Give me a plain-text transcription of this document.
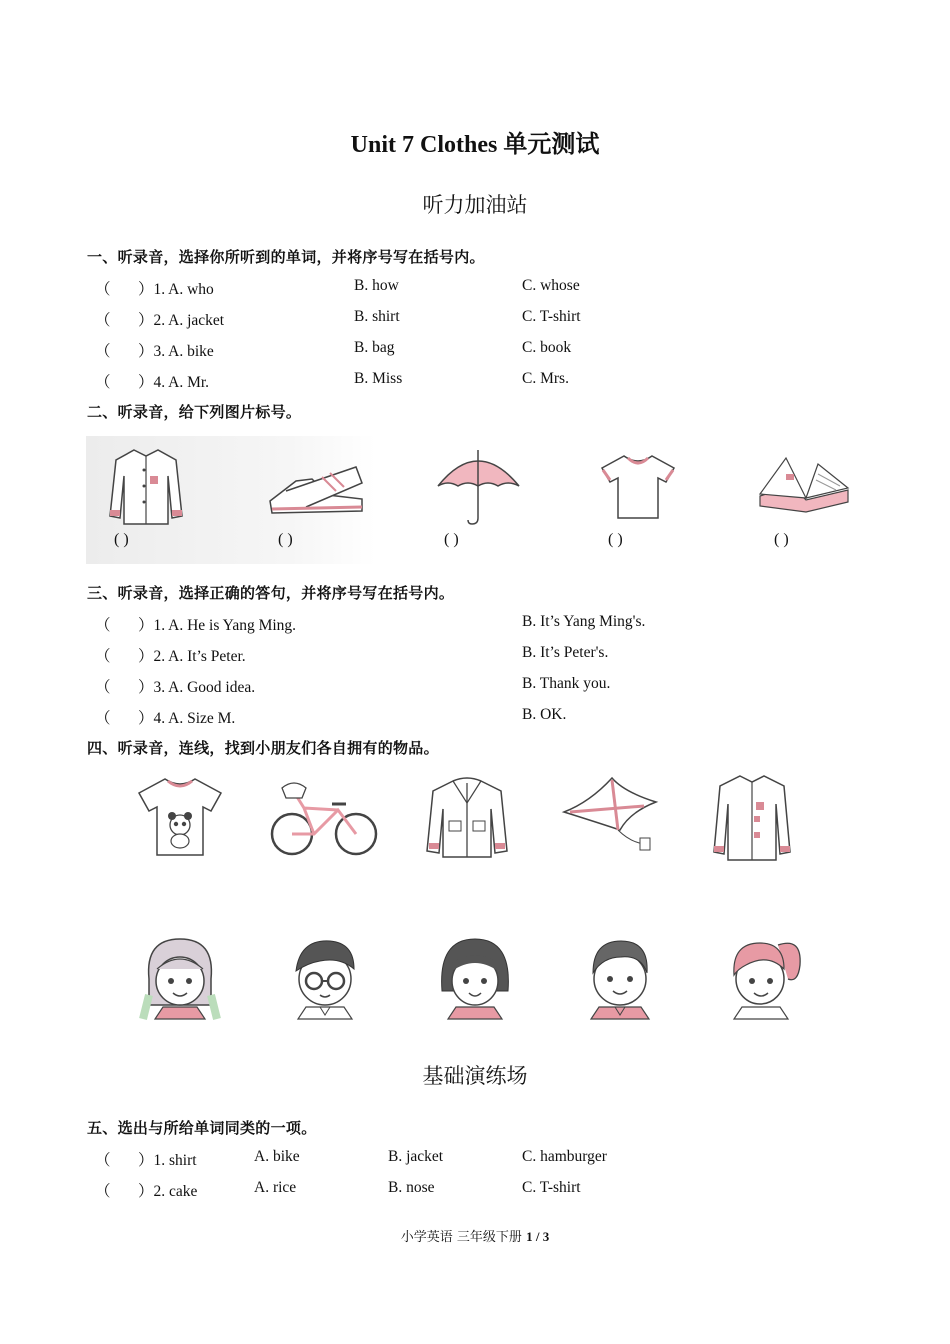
Unit 7 Clothes 单元测试
听力加油站
一、听录音，选择你所听到的单词，并将序号写在括号内。
（ ）1. A. who	B. how	C. whose
（ ）2. A. jacket	B. shirt	C. T-shirt
（ ）3. A. bike	B. bag	C. book
（ ）4. A. Mr.	B. Miss	C. Mrs.
二、听录音，给下列图片标号。
( )	( )	( )	( )	( )
三、听录音，选择正确的答句，并将序号写在括号内。
（ ）1. A. He is Yang Ming.	B. It’s Yang Ming's.
（ ）2. A. It’s Peter.	B. It’s Peter's.
（ ）3. A. Good idea.	B. Thank you.
（ ）4. A. Size M.	B. OK.
四、听录音，连线，找到小朋友们各自拥有的物品。
基础演练场
五、选出与所给单词同类的一项。
（ ）1. shirt	A. bike	B. jacket	C. hamburger
（ ）2. cake	A. rice	B. nose	C. T-shirt
小学英语 三年级下册 1 / 3
